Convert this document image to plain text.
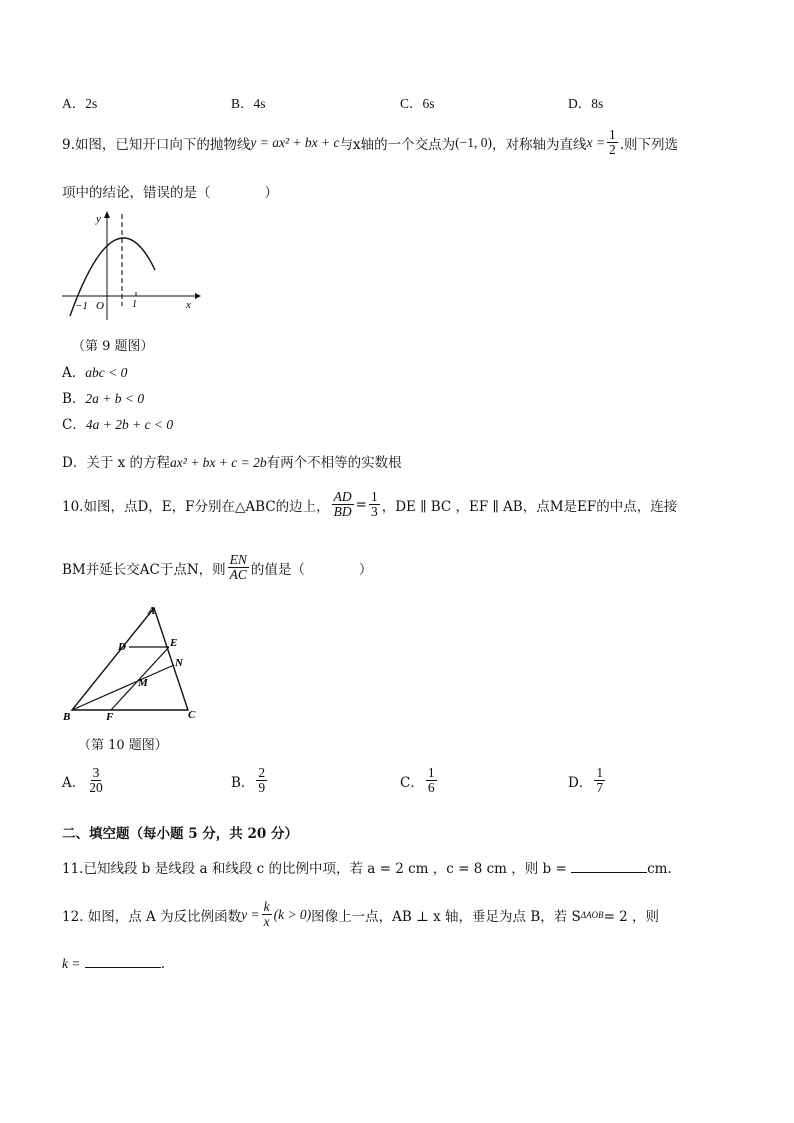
A．2s	B．4s	C．6s	D．8s
9.如图，已知开口向下的抛物线 y = ax² + bx + c 与x轴的一个交点为 (−1, 0) ，对称轴为直线 $x = \frac{1}{2}$ .则下列选
项中的结论，错误的是（　　　　）
y
x
−1 O	1
（第 9 题图）
A．abc < 0
B．2a + b < 0
C．4a + 2b + c < 0
D．关于 x 的方程ax² + bx + c = 2b有两个不相等的实数根
10.如图，点D，E，F分别在△ABC的边上， $\frac{AD}{BD} = \frac{1}{3}$ ，DE ∥ BC ，EF ∥ AB，点M是EF的中点，连接
BM并延长交AC于点N，则 $\frac{EN}{AC}$ 的值是（　　　　）
A
D	E
N
M
B	F	C
（第 10 题图）
A． $\frac{3}{20}$	B． $\frac{2}{9}$	C． $\frac{1}{6}$	D． $\frac{1}{7}$
二、填空题（每小题 5 分，共 20 分）
11.已知线段 b 是线段 a 和线段 c 的比例中项，若 a = 2 cm ，c = 8 cm ，则 b =	cm.
12. 如图，点 A 为反比例函数 $y = \frac{k}{x} (k > 0)$ 图像上一点， AB ⊥ x 轴，垂足为点 B，若 S ΔAOB = 2 ，则
k =	.
